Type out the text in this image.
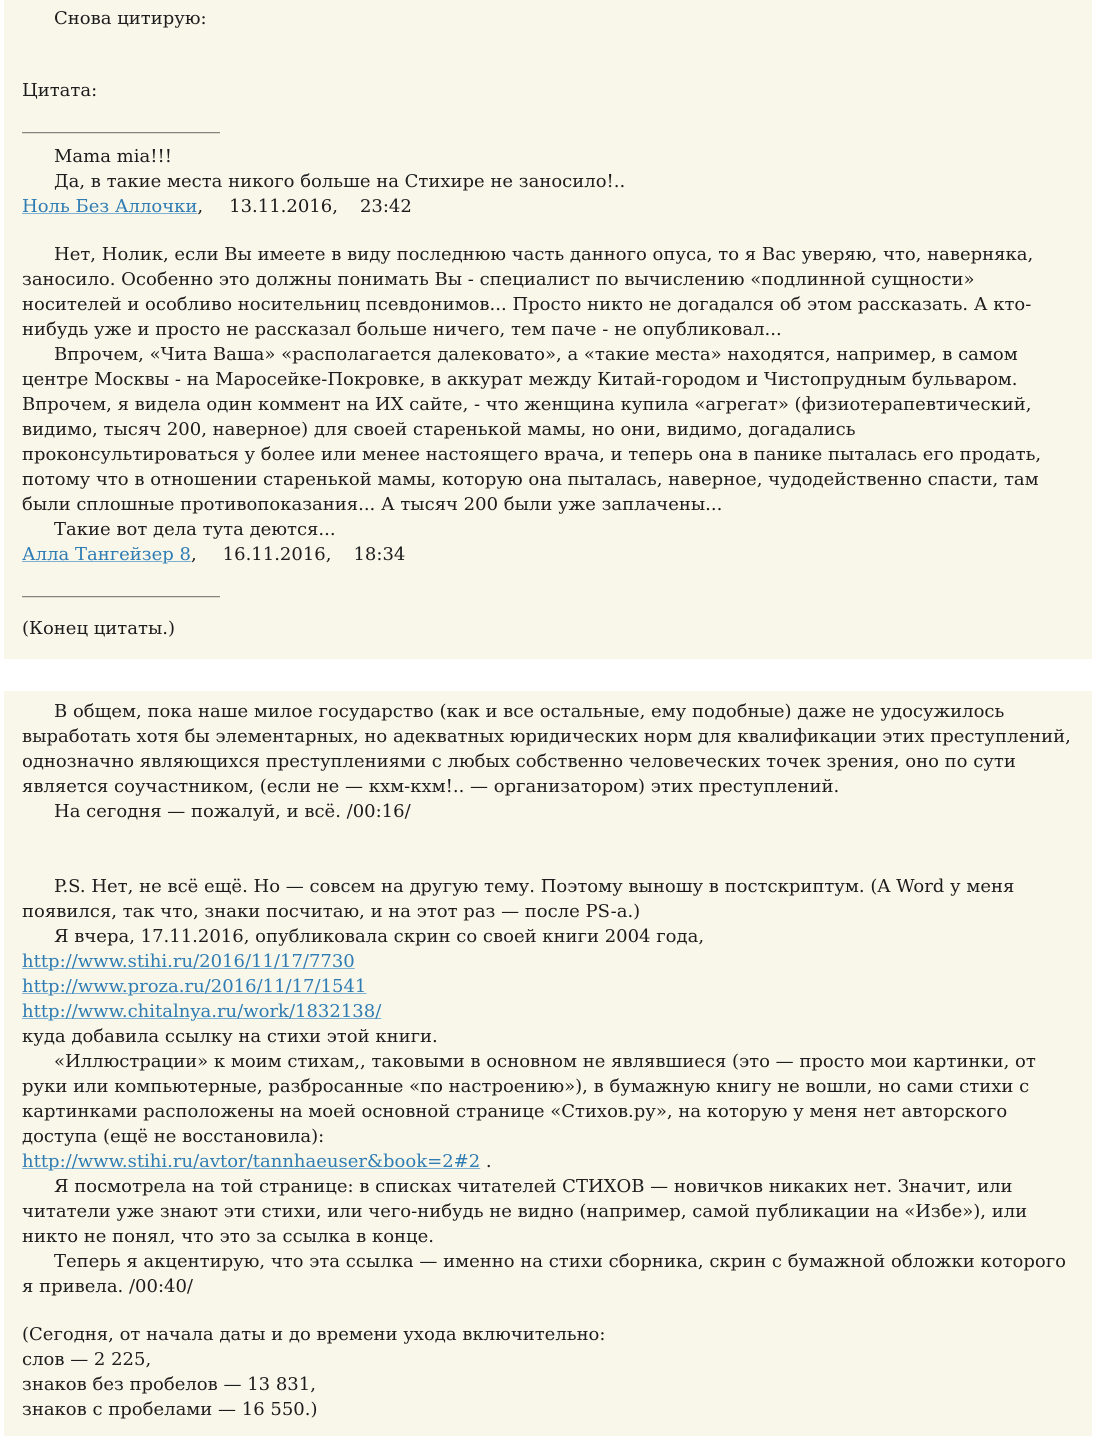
Снова цитирую:

Цитата:

______________________

Mama mia!!!

Да, в такие места никого больше на Стихире не заносило!..

Ноль Без Аллочки, 13.11.2016, 23:42

Нет, Нолик, если Вы имеете в виду последнюю часть данного опуса, то я Вас уверяю, что, наверняка, заносило. Особенно это должны понимать Вы - специалист по вычислению «подлинной сущности» носителей и особливо носительниц псевдонимов... Просто никто не догадался об этом рассказать. А кто-нибудь уже и просто не рассказал больше ничего, тем паче - не опубликовал...

Впрочем, «Чита Ваша» «располагается далековато», а «такие места» находятся, например, в самом центре Москвы - на Маросейке-Покровке, в аккурат между Китай-городом и Чистопрудным бульваром. Впрочем, я видела один коммент на ИХ сайте, - что женщина купила «агрегат» (физиотерапевтический, видимо, тысяч 200, наверное) для своей старенькой мамы, но они, видимо, догадались проконсультироваться у более или менее настоящего врача, и теперь она в панике пыталась его продать, потому что в отношении старенькой мамы, которую она пыталась, наверное, чудодейственно спасти, там были сплошные противопоказания... А тысяч 200 были уже заплачены...

Такие вот дела тута деются...

Алла Тангейзер 8, 16.11.2016, 18:34

______________________

(Конец цитаты.)

В общем, пока наше милое государство (как и все остальные, ему подобные) даже не удосужилось выработать хотя бы элементарных, но адекватных юридических норм для квалификации этих преступлений, однозначно являющихся преступлениями с любых собственно человеческих точек зрения, оно по сути является соучастником, (если не — кхм-кхм!.. — организатором) этих преступлений.

На сегодня — пожалуй, и всё. /00:16/

P.S. Нет, не всё ещё. Но — совсем на другую тему. Поэтому выношу в постскриптум. (A Word у меня появился, так что, знаки посчитаю, и на этот раз — после PS-а.)

Я вчера, 17.11.2016, опубликовала скрин со своей книги 2004 года,

http://www.stihi.ru/2016/11/17/7730

http://www.proza.ru/2016/11/17/1541

http://www.chitalnya.ru/work/1832138/

куда добавила ссылку на стихи этой книги.

«Иллюстрации» к моим стихам,, таковыми в основном не являвшиеся (это — просто мои картинки, от руки или компьютерные, разбросанные «по настроению»), в бумажную книгу не вошли, но сами стихи с картинками расположены на моей основной странице «Стихов.ру», на которую у меня нет авторского доступа (ещё не восстановила):

http://www.stihi.ru/avtor/tannhaeuser&book=2#2 .

Я посмотрела на той странице: в списках читателей СТИХОВ — новичков никаких нет. Значит, или читатели уже знают эти стихи, или чего-нибудь не видно (например, самой публикации на «Избе»), или никто не понял, что это за ссылка в конце.

Теперь я акцентирую, что эта ссылка — именно на стихи сборника, скрин с бумажной обложки которого я привела. /00:40/

(Сегодня, от начала даты и до времени ухода включительно:

слов — 2 225,

знаков без пробелов — 13 831,

знаков с пробелами — 16 550.)
